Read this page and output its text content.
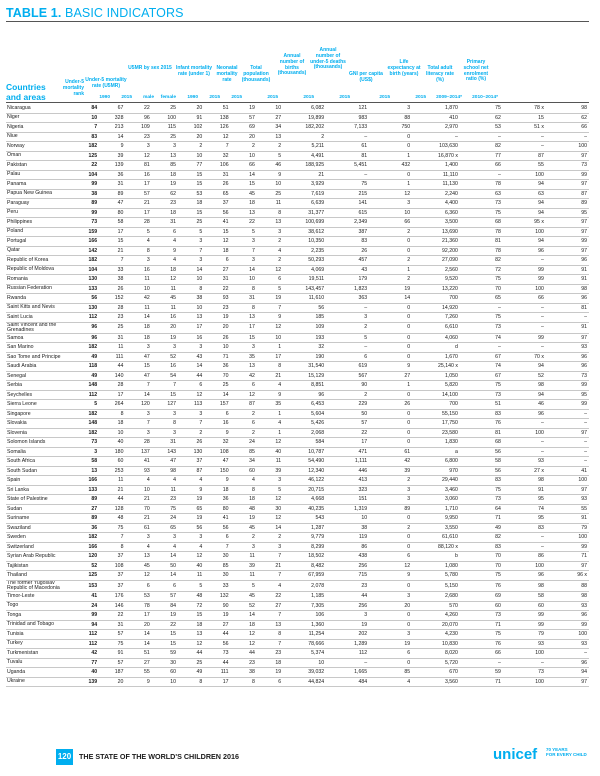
TABLE 1. BASIC INDICATORS
Countries and areas
Under-5 mortality rank
Under-5 mortality rate (U5MR)
U5MR by sex 2015 Infant mortality rate (under 1)
Neonatal mortality rate
Total population (thousands)
Annual number of births (thousands)
Annual number of under-5 deaths (thousands)
GNI per capita (US$)
Life expectancy at birth (years)
Total adult literacy rate (%)
Primary school net enrolment ratio (%)
1990	2015	male	female	1990	2015	2015	2015	2015	2015	2015	2015	2009–2014*	2010–2014*
Nicaragua	84	67	22	25	20	51	19	10	6,082	121	3	1,870	75	78 x	98
Niger	10	328	96	100	91	138	57	27	19,899	983	88	410	62	15	62
Nigeria	7	213	109	115	102	126	69	34	182,202	7,133	750	2,970	53	51 x	66
Niue	83	14	23	25	20	12	20	13	2	–	0	–	–	–	–
Norway	182	9	3	3	2	7	2	2	5,211	61	0	103,630	82	–	100
Oman	125	39	12	13	10	32	10	5	4,491	81	1	16,870 x	77	87	97
Pakistan	22	139	81	85	77	106	66	46	188,925	5,451	432	1,400	66	55	73
Palau	104	36	16	18	15	31	14	9	21	–	0	11,110	–	100	99
Panama	99	31	17	19	15	26	15	10	3,929	75	1	11,130	78	94	97
Papua New Guinea	38	89	57	62	53	65	45	25	7,619	215	12	2,240	63	63	87
Paraguay	89	47	21	23	18	37	18	11	6,639	141	3	4,400	73	94	89
Peru	99	80	17	18	15	56	13	8	31,377	615	10	6,360	75	94	95
Philippines	73	58	28	31	25	41	22	13	100,699	2,349	66	3,500	68	95 x	97
Poland	159	17	5	6	5	15	5	3	38,612	387	2	13,690	78	100	97
Portugal	166	15	4	4	3	12	3	2	10,350	83	0	21,360	81	94	99
Qatar	142	21	8	9	7	18	7	4	2,235	26	0	92,200	78	96	97
Republic of Korea	182	7	3	4	3	6	3	2	50,293	457	2	27,090	82	–	96
Republic of Moldova	104	33	16	18	14	27	14	12	4,069	43	1	2,560	72	99	91
Romania	130	38	11	12	10	31	10	6	19,511	179	2	9,520	75	99	91
Russian Federation	133	26	10	11	8	22	8	5	143,457	1,823	19	13,220	70	100	98
Rwanda	56	152	42	45	38	93	31	19	11,610	363	14	700	65	66	96
Saint Kitts and Nevis	130	28	11	11	10	23	8	7	56	–	0	14,920	–	–	81
Saint Lucia	112	23	14	16	13	19	13	9	185	3	0	7,260	75	–	–
Saint Vincent and the Grenadines	96	25	18	20	17	20	17	12	109	2	0	6,610	73	–	91
Samoa	96	31	18	19	16	26	15	10	193	5	0	4,060	74	99	97
San Marino	182	11	3	3	3	10	3	1	32	–	0	d	–	–	93
Sao Tome and Principe	49	111	47	52	43	71	35	17	190	6	0	1,670	67	70 x	96
Saudi Arabia	118	44	15	16	14	36	13	8	31,540	619	9	25,140 x	74	94	96
Senegal	49	140	47	54	44	70	42	21	15,129	567	27	1,050	67	52	73
Serbia	148	28	7	7	6	25	6	4	8,851	90	1	5,820	75	98	99
Seychelles	112	17	14	15	12	14	12	9	96	2	0	14,100	73	94	95
Sierra Leone	5	264	120	127	113	157	87	35	6,453	229	26	700	51	46	99
Singapore	182	8	3	3	3	6	2	1	5,604	50	0	55,150	83	96	–
Slovakia	148	18	7	8	7	16	6	4	5,426	57	0	17,750	76	–	–
Slovenia	182	10	3	3	2	9	2	1	2,068	22	0	23,580	81	100	97
Solomon Islands	73	40	28	31	26	32	24	12	584	17	0	1,830	68	–	–
Somalia	3	180	137	143	130	108	85	40	10,787	471	61	a	56	–	–
South Africa	58	60	41	47	37	47	34	11	54,490	1,111	42	6,800	58	93	–
South Sudan	13	253	93	98	87	150	60	39	12,340	446	39	970	56	27 x	41
Spain	166	11	4	4	4	9	4	3	46,122	413	2	29,440	83	98	100
Sri Lanka	133	21	10	11	9	18	8	5	20,715	323	3	3,460	75	91	97
State of Palestine	89	44	21	23	19	36	18	12	4,668	151	3	3,060	73	95	93
Sudan	27	128	70	75	65	80	48	30	40,235	1,319	89	1,710	64	74	55
Suriname	89	48	21	24	19	41	19	12	543	10	0	9,950	71	95	91
Swaziland	36	75	61	65	56	56	45	14	1,287	38	2	3,550	49	83	79
Sweden	182	7	3	3	3	6	2	2	9,779	119	0	61,610	82	–	100
Switzerland	166	8	4	4	4	7	3	3	8,299	86	0	88,120 x	83	–	99
Syrian Arab Republic	120	37	13	14	12	30	11	7	18,502	438	6	b	70	86	71
Tajikistan	52	108	45	50	40	85	39	21	8,482	256	12	1,080	70	100	97
Thailand	125	37	12	14	11	30	11	7	67,959	715	9	5,780	75	96	96 x
The former Yugoslav Republic of Macedonia	153	37	6	6	5	33	5	4	2,078	23	0	5,150	76	98	88
Timor-Leste	41	176	53	57	48	132	45	22	1,185	44	3	2,680	69	58	98
Togo	24	146	78	84	72	90	52	27	7,305	256	20	570	60	60	93
Tonga	99	22	17	19	15	19	14	7	106	3	0	4,260	73	99	96
Trinidad and Tobago	94	31	20	22	18	27	18	13	1,360	19	0	20,070	71	99	99
Tunisia	112	57	14	15	13	44	12	8	11,254	202	3	4,230	75	79	100
Turkey	112	75	14	15	12	56	12	7	78,666	1,289	19	10,830	76	93	93
Turkmenistan	42	91	51	59	44	73	44	23	5,374	112	6	8,020	66	100	–
Tuvalu	77	57	27	30	25	44	23	18	10	–	0	5,720	–	–	96
Uganda	40	187	55	60	49	111	38	19	39,032	1,665	85	670	59	73	94
Ukraine	139	20	9	10	8	17	8	6	44,824	484	4	3,560	71	100	97
120 THE STATE OF THE WORLD'S CHILDREN 2016	unicef 70 YEARS
FOR EVERY CHILD
